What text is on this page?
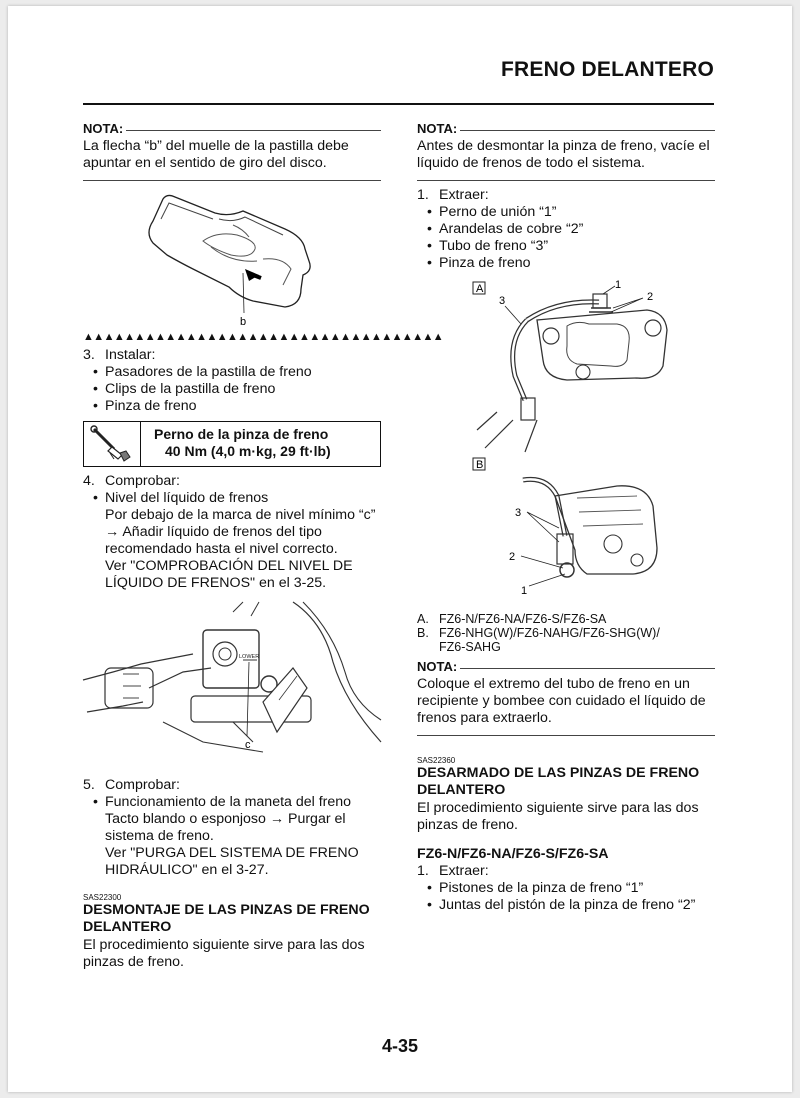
FRENO DELANTERO
NOTA:
La flecha “b” del muelle de la pastilla debe apuntar en el sentido de giro del disco.
b
▲▲▲▲▲▲▲▲▲▲▲▲▲▲▲▲▲▲▲▲▲▲▲▲▲▲▲▲▲▲▲▲▲▲▲
3. Instalar:
• Pasadores de la pastilla de freno
• Clips de la pastilla de freno
• Pinza de freno
Perno de la pinza de freno
40 Nm (4,0 m·kg, 29 ft·lb)
4. Comprobar:
• Nivel del líquido de frenos
Por debajo de la marca de nivel mínimo “c”
→ Añadir líquido de frenos del tipo
recomendado hasta el nivel correcto.
Ver "COMPROBACIÓN DEL NIVEL DE
LÍQUIDO DE FRENOS" en el 3-25.
LOWER
c
5. Comprobar:
• Funcionamiento de la maneta del freno
Tacto blando o esponjoso → Purgar el
sistema de freno.
Ver "PURGA DEL SISTEMA DE FRENO
HIDRÁULICO" en el 3-27.
SAS22300
DESMONTAJE DE LAS PINZAS DE FRENO
DELANTERO
El procedimiento siguiente sirve para las dos pinzas de freno.
NOTA:
Antes de desmontar la pinza de freno, vacíe el líquido de frenos de todo el sistema.
1. Extraer:
• Perno de unión “1”
• Arandelas de cobre “2”
• Tubo de freno “3”
• Pinza de freno
A	1
2
3
B
3
2
1
A. FZ6-N/FZ6-NA/FZ6-S/FZ6-SA
B. FZ6-NHG(W)/FZ6-NAHG/FZ6-SHG(W)/
FZ6-SAHG
NOTA:
Coloque el extremo del tubo de freno en un recipiente y bombee con cuidado el líquido de frenos para extraerlo.
SAS22360
DESARMADO DE LAS PINZAS DE FRENO
DELANTERO
El procedimiento siguiente sirve para las dos pinzas de freno.
FZ6-N/FZ6-NA/FZ6-S/FZ6-SA
1. Extraer:
• Pistones de la pinza de freno “1”
• Juntas del pistón de la pinza de freno “2”
4-35
